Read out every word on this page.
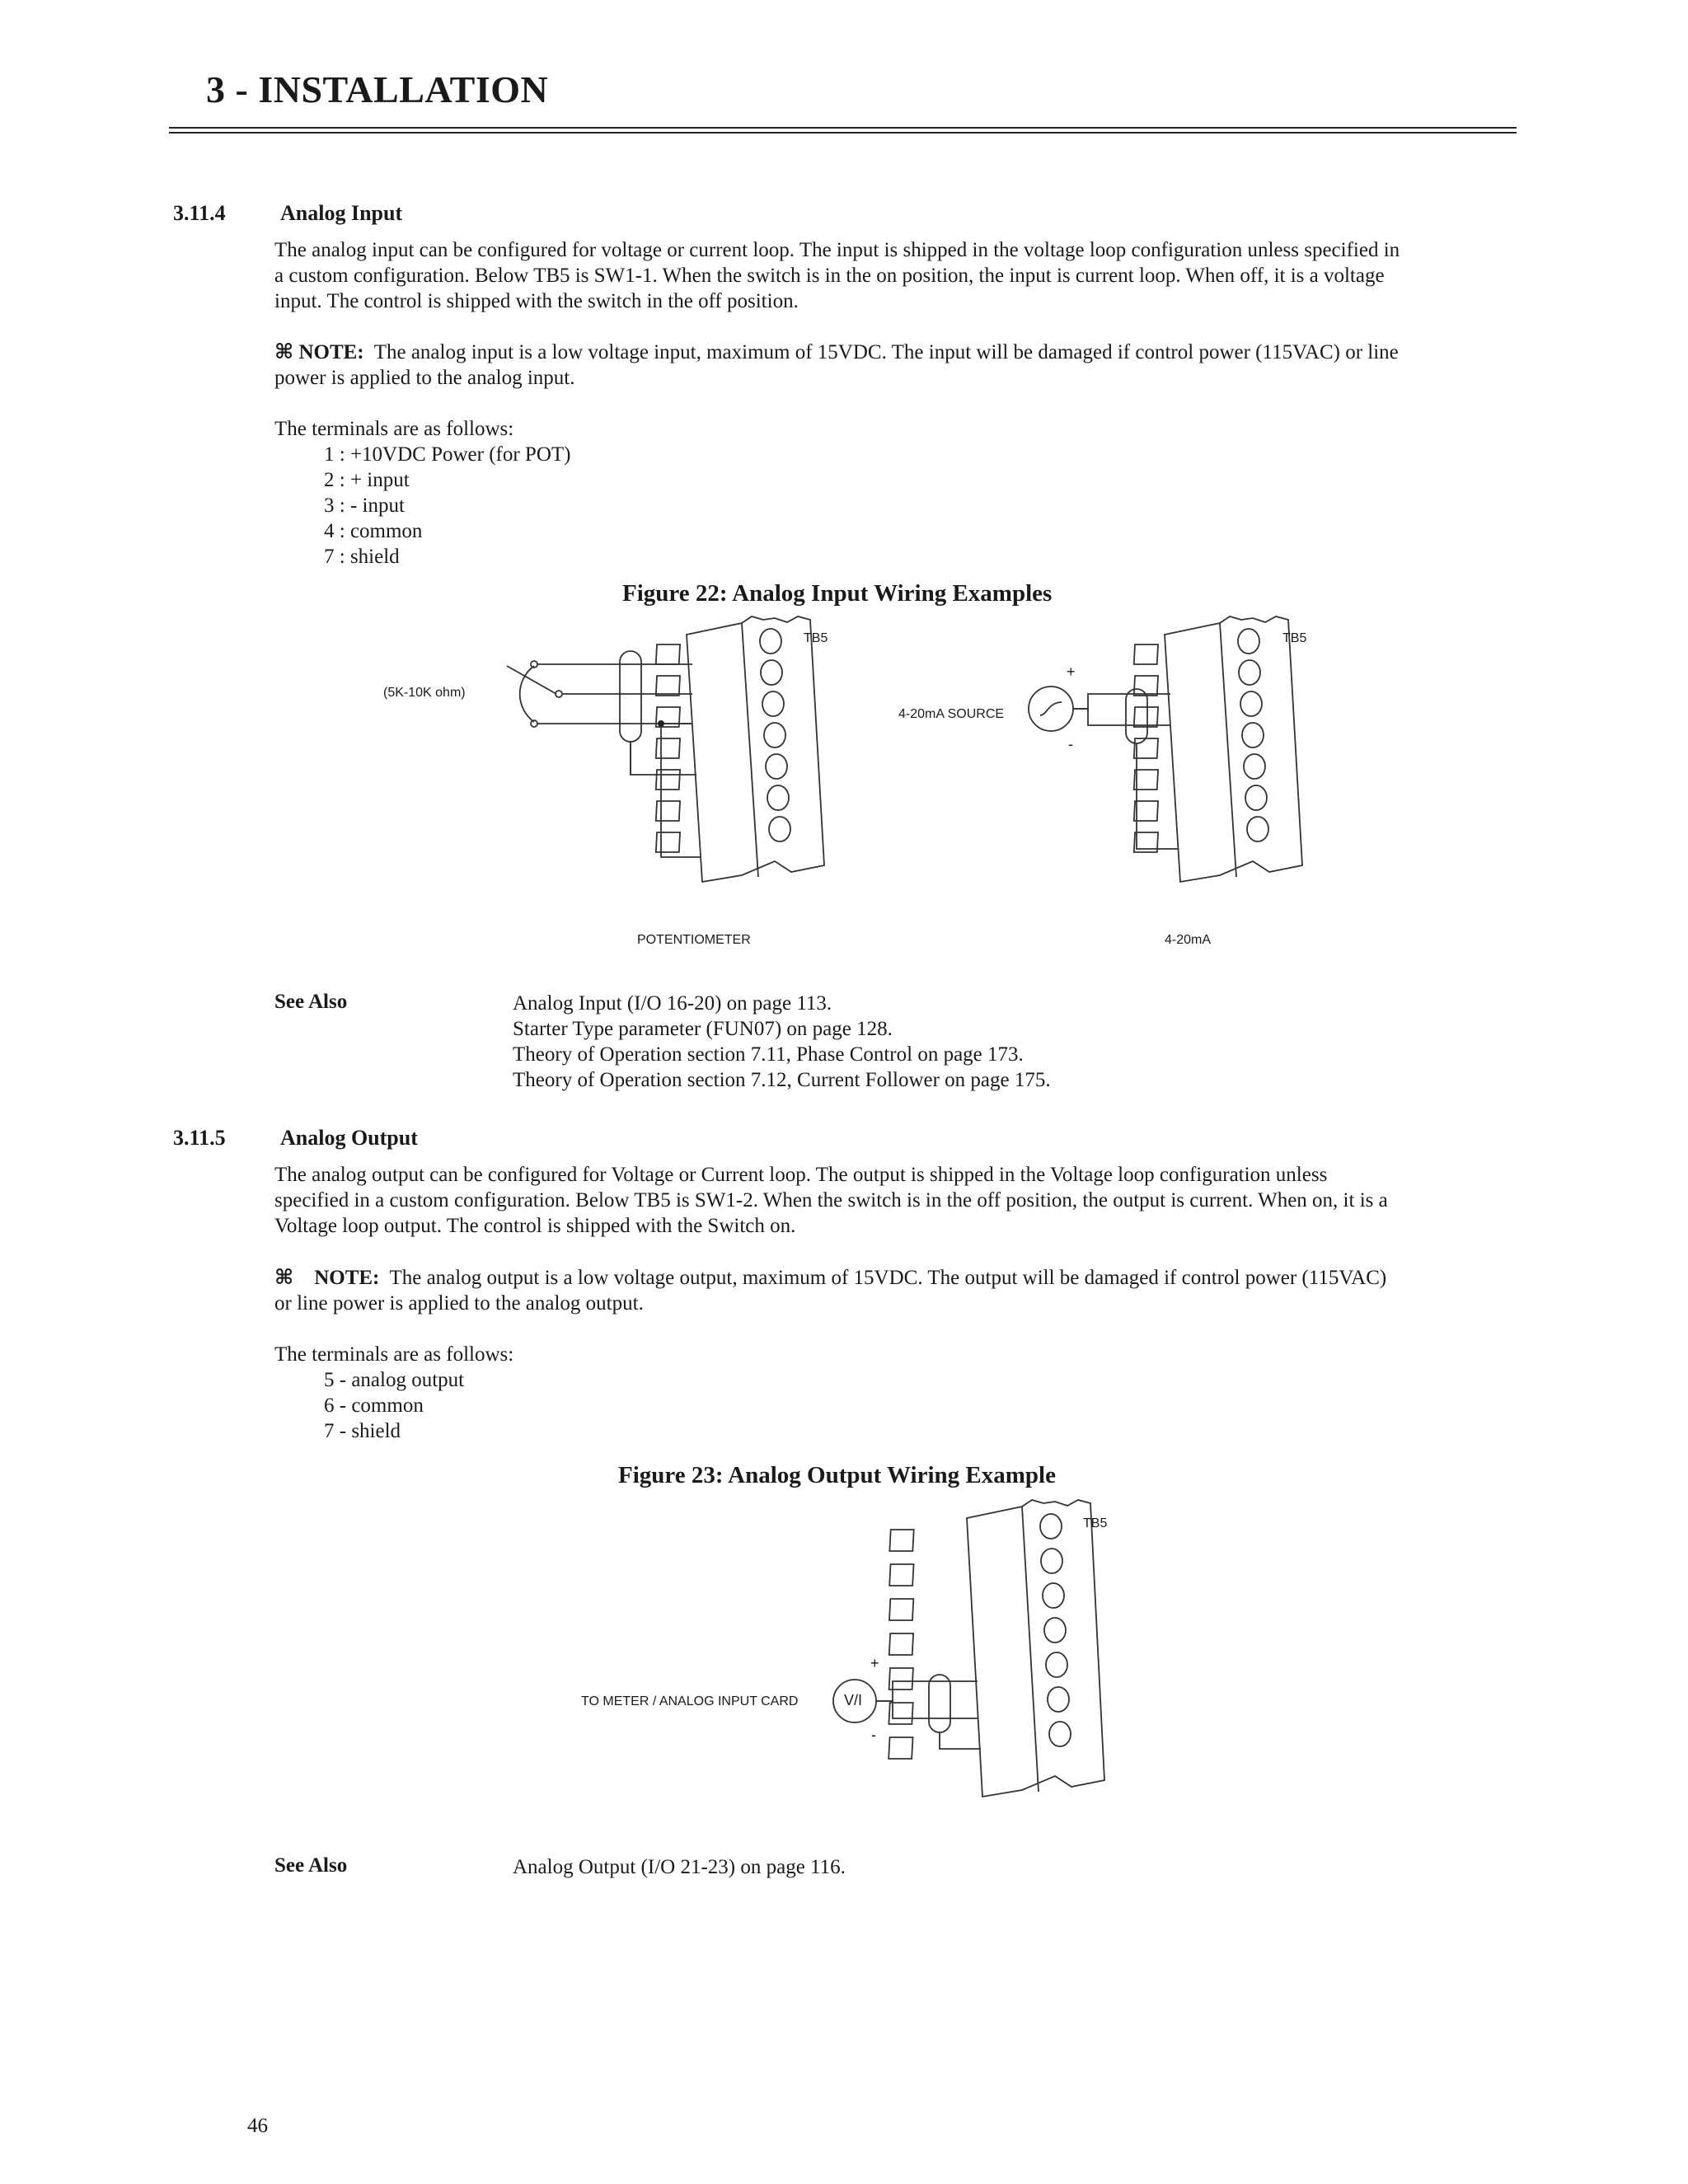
3 - INSTALLATION
3.11.4	Analog Input
The analog input can be configured for voltage or current loop. The input is shipped in the voltage loop configuration unless specified in
a custom configuration. Below TB5 is SW1-1. When the switch is in the on position, the input is current loop. When off, it is a voltage
input. The control is shipped with the switch in the off position.
⌘ NOTE: The analog input is a low voltage input, maximum of 15VDC. The input will be damaged if control power (115VAC) or line
power is applied to the analog input.
The terminals are as follows:
1 : +10VDC Power (for POT)
2 : + input
3 : - input
4 : common
7 : shield
Figure 22: Analog Input Wiring Examples
(5K-10K ohm)
TB5	TB5
4-20mA SOURCE
+
-
POTENTIOMETER	4-20mA
See Also	Analog Input (I/O 16-20) on page 113.
Starter Type parameter (FUN07) on page 128.
Theory of Operation section 7.11, Phase Control on page 173.
Theory of Operation section 7.12, Current Follower on page 175.
3.11.5	Analog Output
The analog output can be configured for Voltage or Current loop. The output is shipped in the Voltage loop configuration unless
specified in a custom configuration. Below TB5 is SW1-2. When the switch is in the off position, the output is current. When on, it is a
Voltage loop output. The control is shipped with the Switch on.
⌘ NOTE: The analog output is a low voltage output, maximum of 15VDC. The output will be damaged if control power (115VAC)
or line power is applied to the analog output.
The terminals are as follows:
5 - analog output
6 - common
7 - shield
Figure 23: Analog Output Wiring Example
TO METER / ANALOG INPUT CARD	V/I
TB5
+
-
See Also	Analog Output (I/O 21-23) on page 116.
46
